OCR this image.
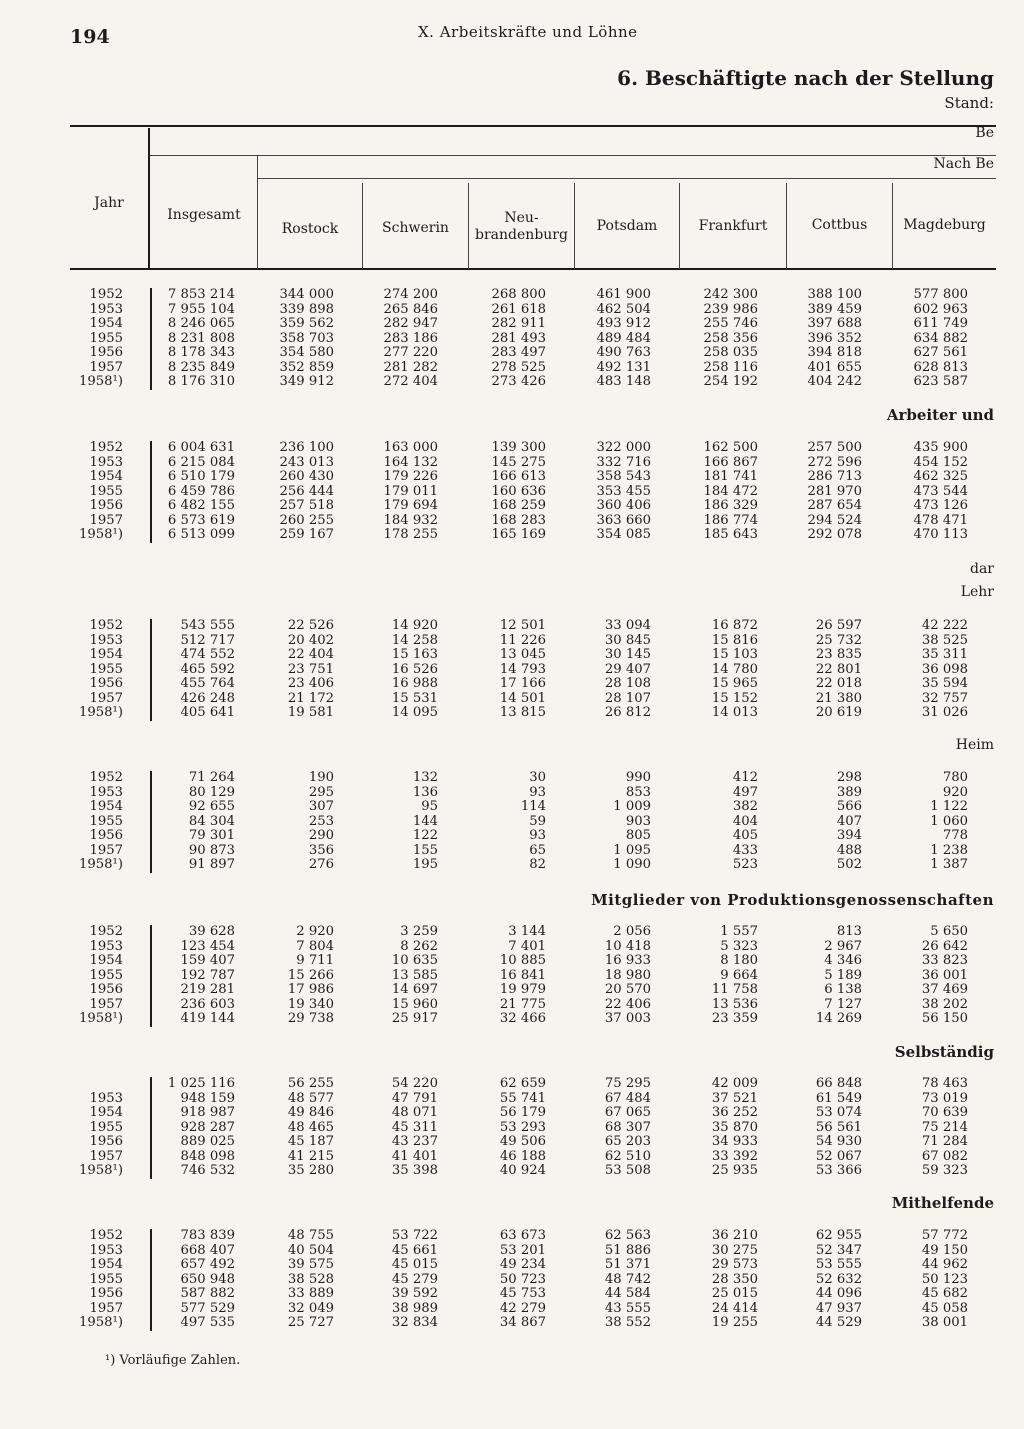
194	X. Arbeitskräfte und Löhne
6. Beschäftigte nach der Stellung
Stand:
Jahr
Insgesamt
Be
Nach Be
Rostock	Schwerin
Neu-
brandenburg
Potsdam	Frankfurt	Cottbus	Magdeburg
Arbeiter und
dar
Lehr
Heim
Mitglieder von Produktionsgenossenschaften
Selbständig
Mithelfende
1952	7 853 214	344 000	274 200	268 800	461 900	242 300	388 100	577 800
1953	7 955 104	339 898	265 846	261 618	462 504	239 986	389 459	602 963
1954	8 246 065	359 562	282 947	282 911	493 912	255 746	397 688	611 749
1955	8 231 808	358 703	283 186	281 493	489 484	258 356	396 352	634 882
1956	8 178 343	354 580	277 220	283 497	490 763	258 035	394 818	627 561
1957	8 235 849	352 859	281 282	278 525	492 131	258 116	401 655	628 813
1958¹)	8 176 310	349 912	272 404	273 426	483 148	254 192	404 242	623 587
1952	6 004 631	236 100	163 000	139 300	322 000	162 500	257 500	435 900
1953	6 215 084	243 013	164 132	145 275	332 716	166 867	272 596	454 152
1954	6 510 179	260 430	179 226	166 613	358 543	181 741	286 713	462 325
1955	6 459 786	256 444	179 011	160 636	353 455	184 472	281 970	473 544
1956	6 482 155	257 518	179 694	168 259	360 406	186 329	287 654	473 126
1957	6 573 619	260 255	184 932	168 283	363 660	186 774	294 524	478 471
1958¹)	6 513 099	259 167	178 255	165 169	354 085	185 643	292 078	470 113
1952	543 555	22 526	14 920	12 501	33 094	16 872	26 597	42 222
1953	512 717	20 402	14 258	11 226	30 845	15 816	25 732	38 525
1954	474 552	22 404	15 163	13 045	30 145	15 103	23 835	35 311
1955	465 592	23 751	16 526	14 793	29 407	14 780	22 801	36 098
1956	455 764	23 406	16 988	17 166	28 108	15 965	22 018	35 594
1957	426 248	21 172	15 531	14 501	28 107	15 152	21 380	32 757
1958¹)	405 641	19 581	14 095	13 815	26 812	14 013	20 619	31 026
1952	71 264	190	132	30	990	412	298	780
1953	80 129	295	136	93	853	497	389	920
1954	92 655	307	95	114	1 009	382	566	1 122
1955	84 304	253	144	59	903	404	407	1 060
1956	79 301	290	122	93	805	405	394	778
1957	90 873	356	155	65	1 095	433	488	1 238
1958¹)	91 897	276	195	82	1 090	523	502	1 387
1952	39 628	2 920	3 259	3 144	2 056	1 557	813	5 650
1953	123 454	7 804	8 262	7 401	10 418	5 323	2 967	26 642
1954	159 407	9 711	10 635	10 885	16 933	8 180	4 346	33 823
1955	192 787	15 266	13 585	16 841	18 980	9 664	5 189	36 001
1956	219 281	17 986	14 697	19 979	20 570	11 758	6 138	37 469
1957	236 603	19 340	15 960	21 775	22 406	13 536	7 127	38 202
1958¹)	419 144	29 738	25 917	32 466	37 003	23 359	14 269	56 150
1 025 116	56 255	54 220	62 659	75 295	42 009	66 848	78 463
1953	948 159	48 577	47 791	55 741	67 484	37 521	61 549	73 019
1954	918 987	49 846	48 071	56 179	67 065	36 252	53 074	70 639
1955	928 287	48 465	45 311	53 293	68 307	35 870	56 561	75 214
1956	889 025	45 187	43 237	49 506	65 203	34 933	54 930	71 284
1957	848 098	41 215	41 401	46 188	62 510	33 392	52 067	67 082
1958¹)	746 532	35 280	35 398	40 924	53 508	25 935	53 366	59 323
1952	783 839	48 755	53 722	63 673	62 563	36 210	62 955	57 772
1953	668 407	40 504	45 661	53 201	51 886	30 275	52 347	49 150
1954	657 492	39 575	45 015	49 234	51 371	29 573	53 555	44 962
1955	650 948	38 528	45 279	50 723	48 742	28 350	52 632	50 123
1956	587 882	33 889	39 592	45 753	44 584	25 015	44 096	45 682
1957	577 529	32 049	38 989	42 279	43 555	24 414	47 937	45 058
1958¹)	497 535	25 727	32 834	34 867	38 552	19 255	44 529	38 001
¹) Vorläufige Zahlen.
